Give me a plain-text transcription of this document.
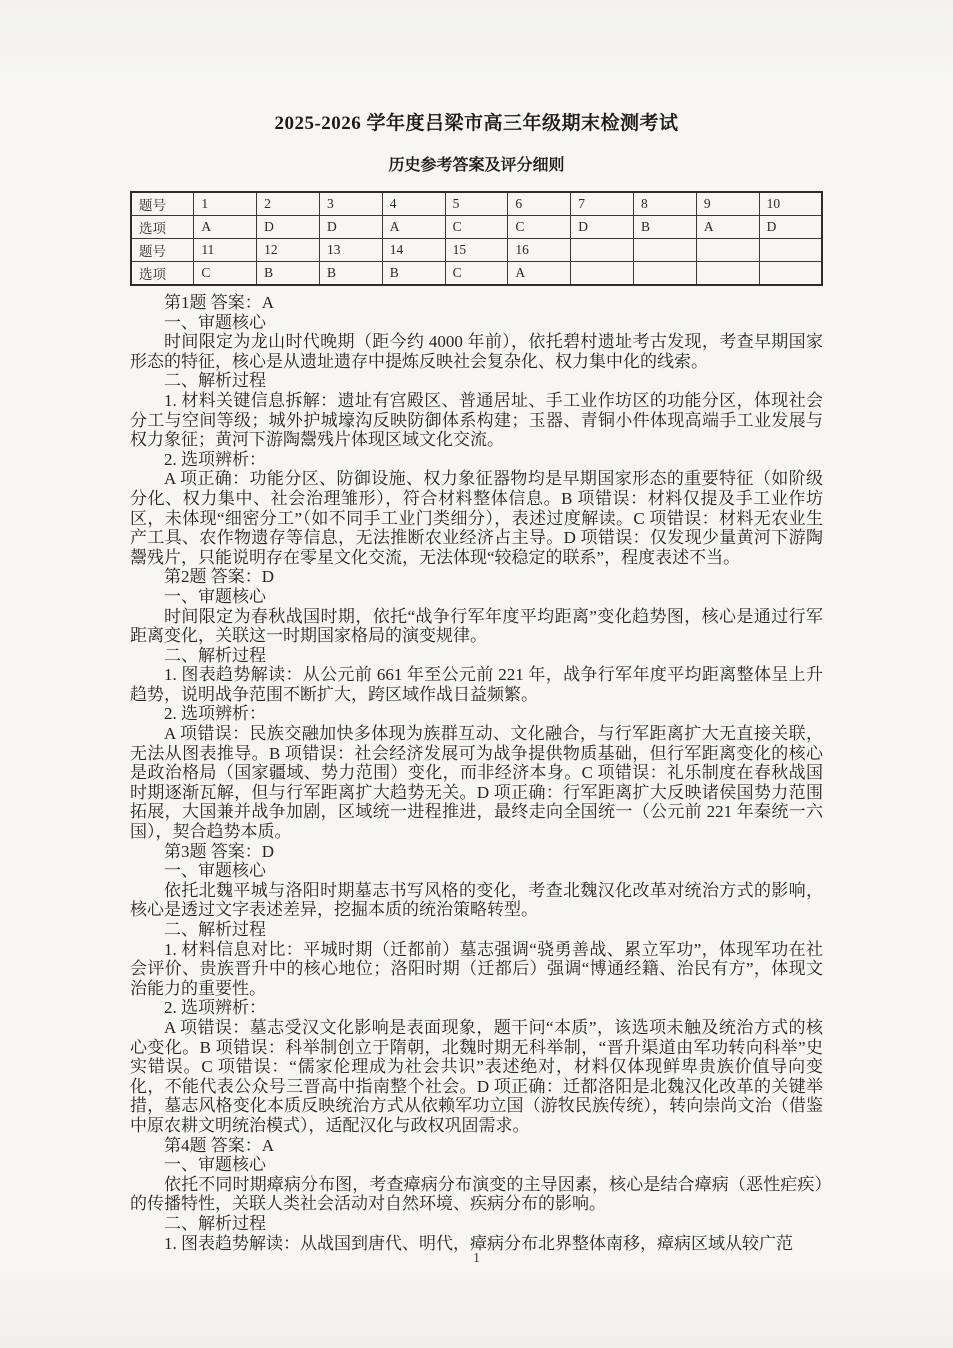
2025-2026 学年度吕梁市高三年级期末检测考试
历史参考答案及评分细则
题号	1	2	3	4	5	6	7	8	9	10
选项	A	D	D	A	C	C	D	B	A	D
题号	11	12	13	14	15	16				
选项	C	B	B	B	C	A				

第1题 答案：A

一、审题核心

时间限定为龙山时代晚期（距今约 4000 年前），依托碧村遗址考古发现，考查早期国家形态的特征，核心是从遗址遗存中提炼反映社会复杂化、权力集中化的线索。

二、解析过程

1. 材料关键信息拆解：遗址有宫殿区、普通居址、手工业作坊区的功能分区，体现社会分工与空间等级；城外护城壕沟反映防御体系构建；玉器、青铜小件体现高端手工业发展与权力象征；黄河下游陶鬶残片体现区域文化交流。

2. 选项辨析：

A 项正确：功能分区、防御设施、权力象征器物均是早期国家形态的重要特征（如阶级分化、权力集中、社会治理雏形），符合材料整体信息。B 项错误：材料仅提及手工业作坊区，未体现“细密分工”（如不同手工业门类细分），表述过度解读。C 项错误：材料无农业生产工具、农作物遗存等信息，无法推断农业经济占主导。D 项错误：仅发现少量黄河下游陶鬶残片，只能说明存在零星文化交流，无法体现“较稳定的联系”，程度表述不当。

第2题 答案：D

一、审题核心

时间限定为春秋战国时期，依托“战争行军年度平均距离”变化趋势图，核心是通过行军距离变化，关联这一时期国家格局的演变规律。

二、解析过程

1. 图表趋势解读：从公元前 661 年至公元前 221 年，战争行军年度平均距离整体呈上升趋势，说明战争范围不断扩大，跨区域作战日益频繁。

2. 选项辨析：

A 项错误：民族交融加快多体现为族群互动、文化融合，与行军距离扩大无直接关联，无法从图表推导。B 项错误：社会经济发展可为战争提供物质基础，但行军距离变化的核心是政治格局（国家疆域、势力范围）变化，而非经济本身。C 项错误：礼乐制度在春秋战国时期逐渐瓦解，但与行军距离扩大趋势无关。D 项正确：行军距离扩大反映诸侯国势力范围拓展，大国兼并战争加剧，区域统一进程推进，最终走向全国统一（公元前 221 年秦统一六国），契合趋势本质。

第3题 答案：D

一、审题核心

依托北魏平城与洛阳时期墓志书写风格的变化，考查北魏汉化改革对统治方式的影响，核心是透过文字表述差异，挖掘本质的统治策略转型。

二、解析过程

1. 材料信息对比：平城时期（迁都前）墓志强调“骁勇善战、累立军功”，体现军功在社会评价、贵族晋升中的核心地位；洛阳时期（迁都后）强调“博通经籍、治民有方”，体现文治能力的重要性。

2. 选项辨析：

A 项错误：墓志受汉文化影响是表面现象，题干问“本质”，该选项未触及统治方式的核心变化。B 项错误：科举制创立于隋朝，北魏时期无科举制，“晋升渠道由军功转向科举”史实错误。C 项错误：“儒家伦理成为社会共识”表述绝对，材料仅体现鲜卑贵族价值导向变化，不能代表公众号三晋高中指南整个社会。D 项正确：迁都洛阳是北魏汉化改革的关键举措，墓志风格变化本质反映统治方式从依赖军功立国（游牧民族传统），转向崇尚文治（借鉴中原农耕文明统治模式），适配汉化与政权巩固需求。

第4题 答案：A

一、审题核心

依托不同时期瘴病分布图，考查瘴病分布演变的主导因素，核心是结合瘴病（恶性疟疾）的传播特性，关联人类社会活动对自然环境、疾病分布的影响。

二、解析过程

1. 图表趋势解读：从战国到唐代、明代，瘴病分布北界整体南移，瘴病区域从较广范

1
